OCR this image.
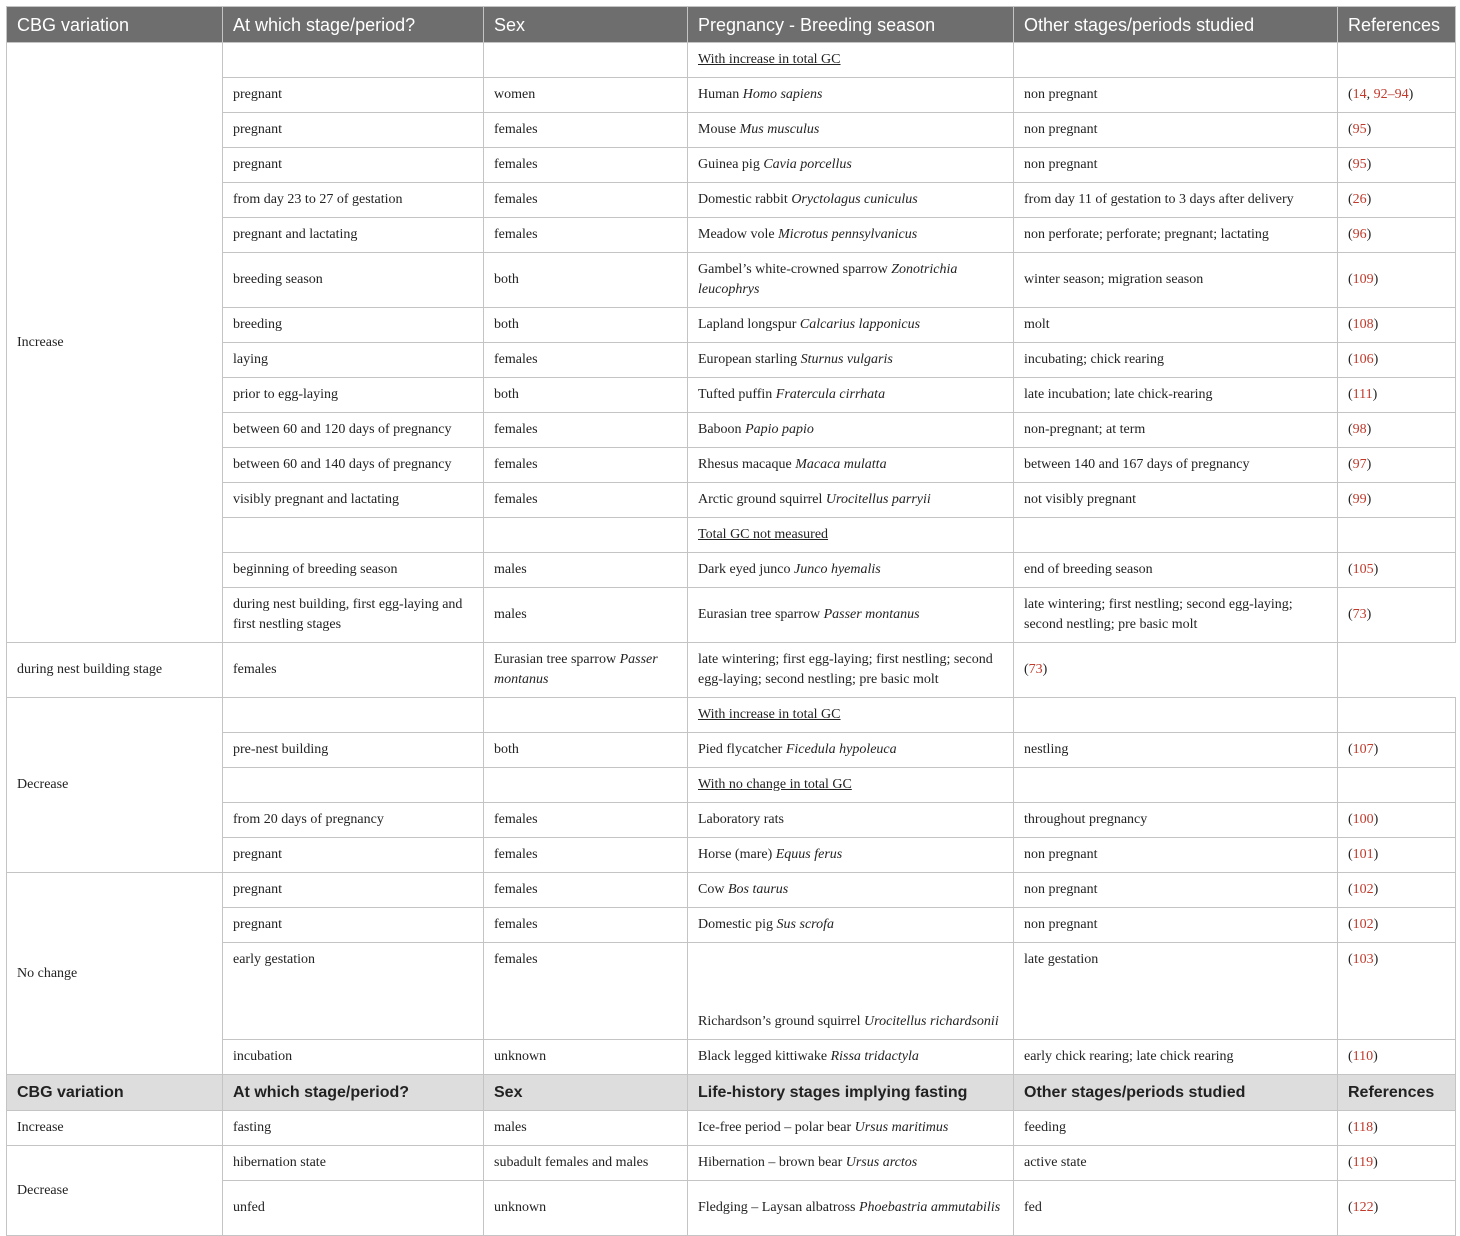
CBG variation	At which stage/period?	Sex	Pregnancy - Breeding season	Other stages/periods studied	References
Increase			With increase in total GC		
	pregnant	women	Human Homo sapiens	non pregnant	(14, 92–94)
	pregnant	females	Mouse Mus musculus	non pregnant	(95)
	pregnant	females	Guinea pig Cavia porcellus	non pregnant	(95)
	from day 23 to 27 of gestation	females	Domestic rabbit Oryctolagus cuniculus	from day 11 of gestation to 3 days after delivery	(26)
	pregnant and lactating	females	Meadow vole Microtus pennsylvanicus	non perforate; perforate; pregnant; lactating	(96)
	breeding season	both	Gambel’s white-crowned sparrow Zonotrichia leucophrys	winter season; migration season	(109)
	breeding	both	Lapland longspur Calcarius lapponicus	molt	(108)
	laying	females	European starling Sturnus vulgaris	incubating; chick rearing	(106)
	prior to egg-laying	both	Tufted puffin Fratercula cirrhata	late incubation; late chick-rearing	(111)
	between 60 and 120 days of pregnancy	females	Baboon Papio papio	non-pregnant; at term	(98)
	between 60 and 140 days of pregnancy	females	Rhesus macaque Macaca mulatta	between 140 and 167 days of pregnancy	(97)
	visibly pregnant and lactating	females	Arctic ground squirrel Urocitellus parryii	not visibly pregnant	(99)
			Total GC not measured		
	beginning of breeding season	males	Dark eyed junco Junco hyemalis	end of breeding season	(105)
	during nest building, first egg-laying and first nestling stages	males	Eurasian tree sparrow Passer montanus	late wintering; first nestling; second egg-laying; second nestling; pre basic molt	(73)
during nest building stage	females	Eurasian tree sparrow Passer montanus	late wintering; first egg-laying; first nestling; second egg-laying; second nestling; pre basic molt	(73)	
Decrease			With increase in total GC		
	pre-nest building	both	Pied flycatcher Ficedula hypoleuca	nestling	(107)
			With no change in total GC		
	from 20 days of pregnancy	females	Laboratory rats	throughout pregnancy	(100)
	pregnant	females	Horse (mare) Equus ferus	non pregnant	(101)
No change	pregnant	females	Cow Bos taurus	non pregnant	(102)
	pregnant	females	Domestic pig Sus scrofa	non pregnant	(102)
	early gestation	females	Richardson’s ground squirrel Urocitellus richardsonii	late gestation	(103)
	incubation	unknown	Black legged kittiwake Rissa tridactyla	early chick rearing; late chick rearing	(110)
CBG variation	At which stage/period?	Sex	Life-history stages implying fasting	Other stages/periods studied	References
Increase	fasting	males	Ice-free period – polar bear Ursus maritimus	feeding	(118)
Decrease	hibernation state	subadult females and males	Hibernation – brown bear Ursus arctos	active state	(119)
	unfed	unknown	Fledging – Laysan albatross Phoebastria ammutabilis	fed	(122)
